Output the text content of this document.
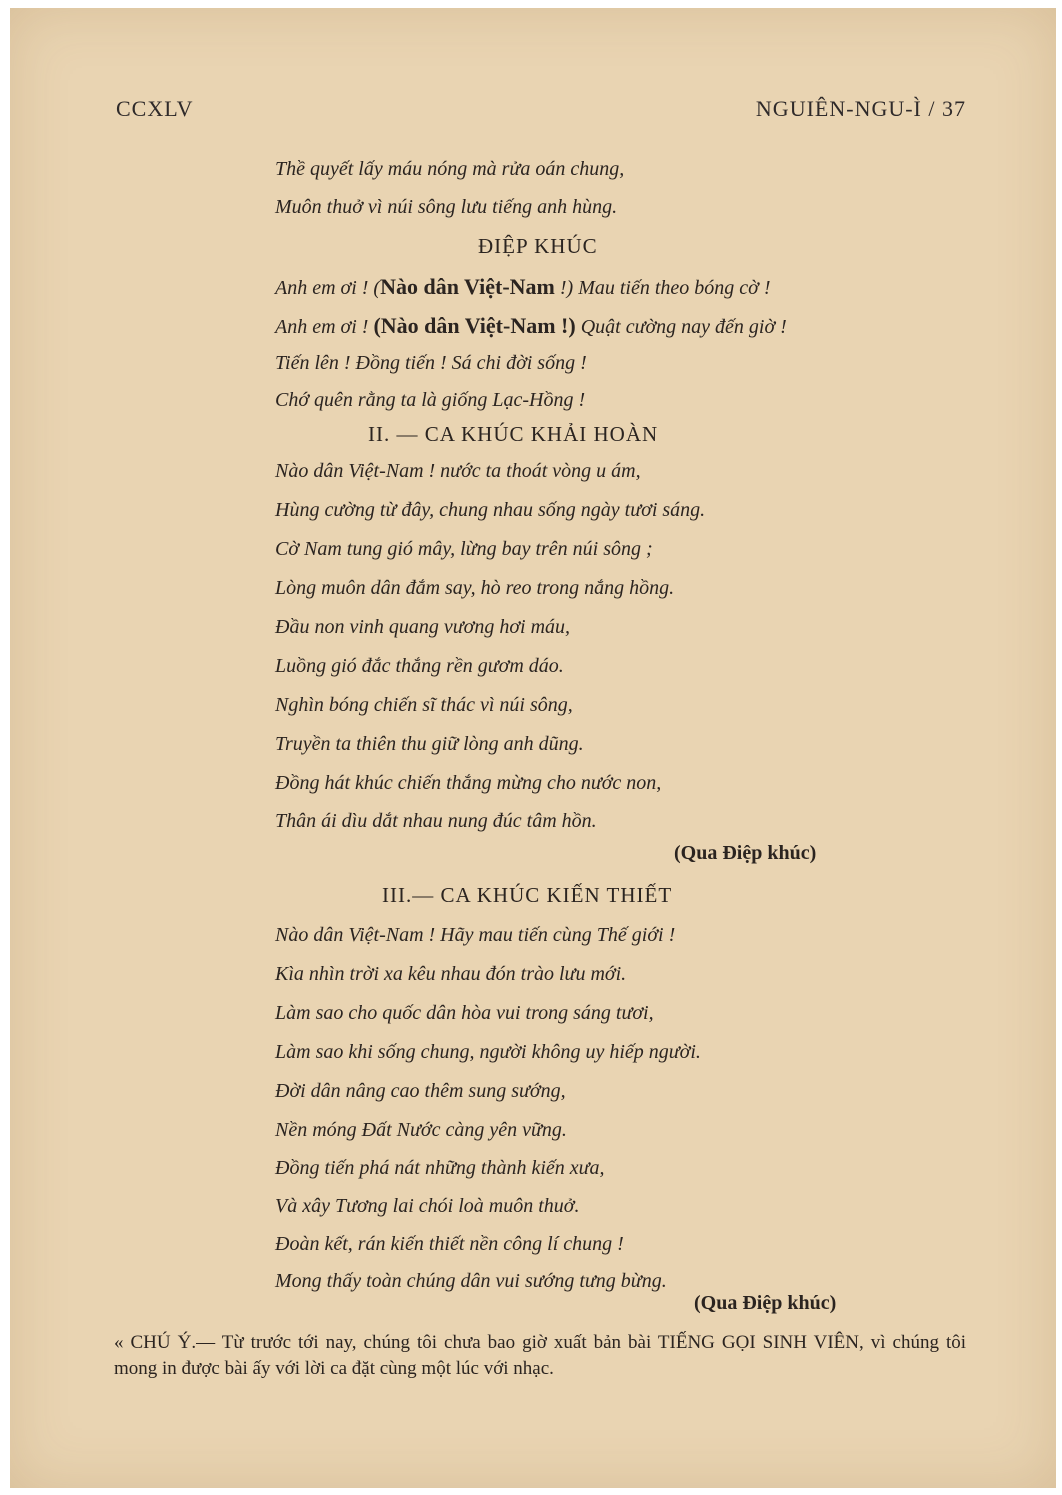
CCXLV	NGUIÊN-NGU-Ì / 37
Thề quyết lấy máu nóng mà rửa oán chung,
Muôn thuở vì núi sông lưu tiếng anh hùng.
ĐIỆP KHÚC
Anh em ơi ! (Nào dân Việt-Nam !) Mau tiến theo bóng cờ !
Anh em ơi ! (Nào dân Việt-Nam !) Quật cường nay đến giờ !
Tiến lên ! Đồng tiến ! Sá chi đời sống !
Chớ quên rằng ta là giống Lạc-Hồng !
II. — CA KHÚC KHẢI HOÀN
Nào dân Việt-Nam ! nước ta thoát vòng u ám,
Hùng cường từ đây, chung nhau sống ngày tươi sáng.
Cờ Nam tung gió mây, lừng bay trên núi sông ;
Lòng muôn dân đắm say, hò reo trong nắng hồng.
Đầu non vinh quang vương hơi máu,
Luồng gió đắc thắng rền gươm dáo.
Nghìn bóng chiến sĩ thác vì núi sông,
Truyền ta thiên thu giữ lòng anh dũng.
Đồng hát khúc chiến thắng mừng cho nước non,
Thân ái dìu dắt nhau nung đúc tâm hồn.
(Qua Điệp khúc)
III.— CA KHÚC KIẾN THIẾT
Nào dân Việt-Nam ! Hãy mau tiến cùng Thế giới !
Kìa nhìn trời xa kêu nhau đón trào lưu mới.
Làm sao cho quốc dân hòa vui trong sáng tươi,
Làm sao khi sống chung, người không uy hiếp người.
Đời dân nâng cao thêm sung sướng,
Nền móng Đất Nước càng yên vững.
Đồng tiến phá nát những thành kiến xưa,
Và xây Tương lai chói loà muôn thuở.
Đoàn kết, rán kiến thiết nền công lí chung !
Mong thấy toàn chúng dân vui sướng tưng bừng.
(Qua Điệp khúc)
« CHÚ Ý.— Từ trước tới nay, chúng tôi chưa bao giờ xuất bản bài TIẾNG GỌI SINH VIÊN, vì chúng tôi mong in được bài ấy với lời ca đặt cùng một lúc với nhạc.
